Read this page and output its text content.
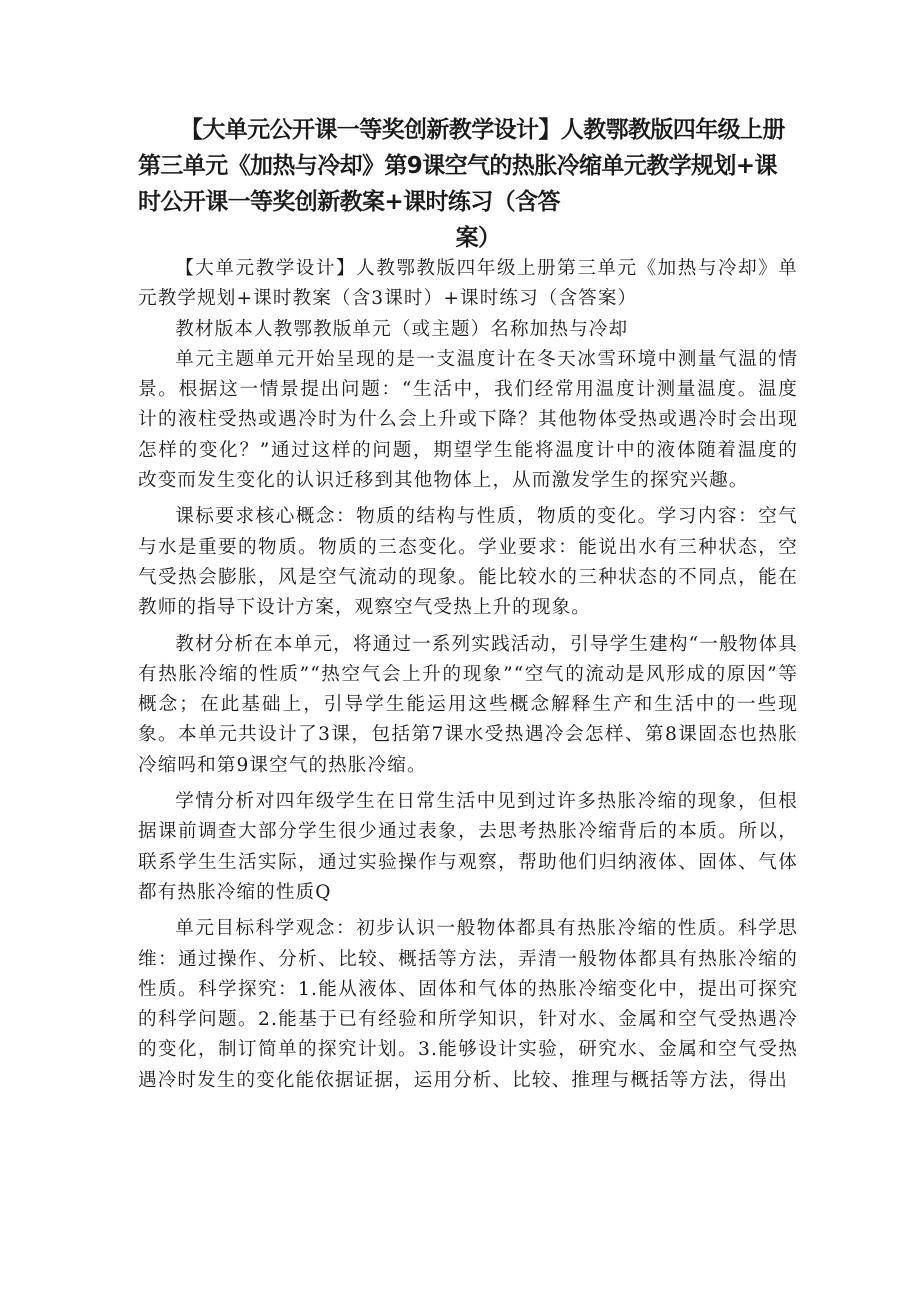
【大单元公开课一等奖创新教学设计】人教鄂教版四年级上册第三单元《加热与冷却》第9课空气的热胀冷缩单元教学规划+课时公开课一等奖创新教案+课时练习（含答
案）

【大单元教学设计】人教鄂教版四年级上册第三单元《加热与冷却》单元教学规划+课时教案（含3课时）+课时练习（含答案）

教材版本人教鄂教版单元（或主题）名称加热与冷却

单元主题单元开始呈现的是一支温度计在冬天冰雪环境中测量气温的情景。根据这一情景提出问题：“生活中，我们经常用温度计测量温度。温度计的液柱受热或遇冷时为什么会上升或下降？其他物体受热或遇冷时会出现怎样的变化？”通过这样的问题，期望学生能将温度计中的液体随着温度的改变而发生变化的认识迁移到其他物体上，从而激发学生的探究兴趣。

课标要求核心概念：物质的结构与性质，物质的变化。学习内容：空气与水是重要的物质。物质的三态变化。学业要求：能说出水有三种状态，空气受热会膨胀，风是空气流动的现象。能比较水的三种状态的不同点，能在教师的指导下设计方案，观察空气受热上升的现象。

教材分析在本单元，将通过一系列实践活动，引导学生建构“一般物体具有热胀冷缩的性质”“热空气会上升的现象”“空气的流动是风形成的原因”等概念；在此基础上，引导学生能运用这些概念解释生产和生活中的一些现象。本单元共设计了3课，包括第7课水受热遇冷会怎样、第8课固态也热胀冷缩吗和第9课空气的热胀冷缩。

学情分析对四年级学生在日常生活中见到过许多热胀冷缩的现象，但根据课前调查大部分学生很少通过表象，去思考热胀冷缩背后的本质。所以，联系学生生活实际，通过实验操作与观察，帮助他们归纳液体、固体、气体都有热胀冷缩的性质Q

单元目标科学观念：初步认识一般物体都具有热胀冷缩的性质。科学思维：通过操作、分析、比较、概括等方法，弄清一般物体都具有热胀冷缩的性质。科学探究：1.能从液体、固体和气体的热胀冷缩变化中，提出可探究的科学问题。2.能基于已有经验和所学知识，针对水、金属和空气受热遇冷的变化，制订简单的探究计划。3.能够设计实验，研究水、金属和空气受热遇冷时发生的变化能依据证据，运用分析、比较、推理与概括等方法，得出
